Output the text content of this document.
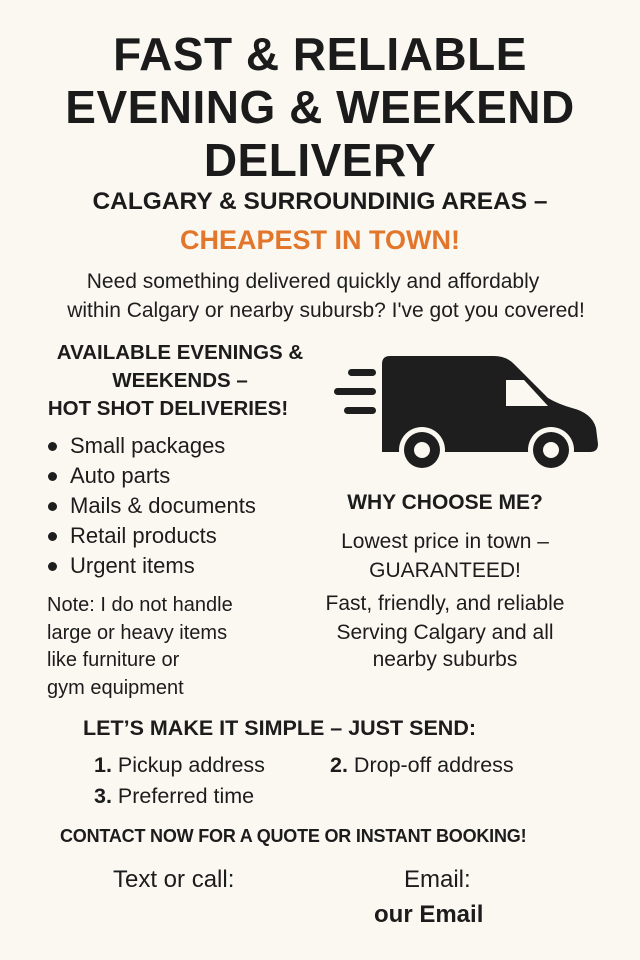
FAST & RELIABLE
EVENING & WEEKEND
DELIVERY
CALGARY & SURROUNDINIG AREAS –
CHEAPEST IN TOWN!
Need something delivered quickly and affordably
within Calgary or nearby subursb? I've got you covered!
AVAILABLE EVENINGS &
WEEKENDS –
HOT SHOT DELIVERIES!
Small packages
Auto parts
Mails & documents
Retail products
Urgent items
Note: I do not handle
large or heavy items
like furniture or
gym equipment
WHY CHOOSE ME?
Lowest price in town –
GUARANTEED!
Fast, friendly, and reliable
Serving Calgary and all
nearby suburbs
LET’S MAKE IT SIMPLE – JUST SEND:
1. Pickup address	2. Drop-off address
3. Preferred time
CONTACT NOW FOR A QUOTE OR INSTANT BOOKING!
Text or call:	Email:
our Email
